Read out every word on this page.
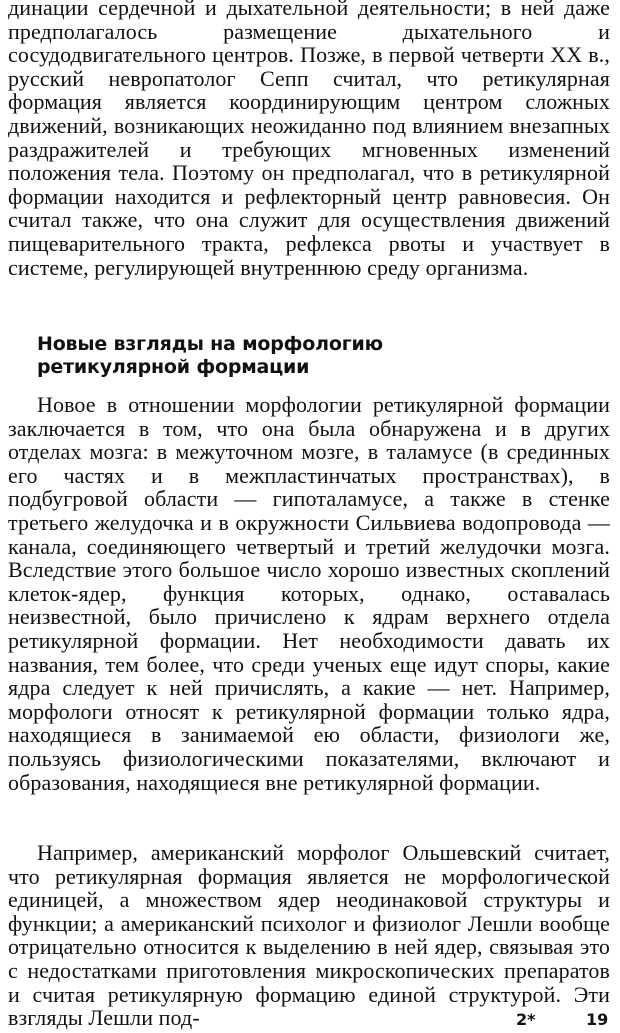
динации сердечной и дыхательной деятельности; в ней даже предполагалось размещение дыхательного и сосудодвигательного центров. Позже, в первой четверти XX в., русский невропатолог Сепп считал, что ретикулярная формация является координирующим центром сложных движений, возникающих неожиданно под влиянием внезапных раздражителей и требующих мгновенных изменений положения тела. Поэтому он предполагал, что в ретикулярной формации находится и рефлекторный центр равновесия. Он считал также, что она служит для осуществления движений пищеварительного тракта, рефлекса рвоты и участвует в системе, регулирующей внутреннюю среду организма.

Новые взгляды на морфологию
ретикулярной формации

Новое в отношении морфологии ретикулярной формации заключается в том, что она была обнаружена и в других отделах мозга: в межуточном мозге, в таламусе (в срединных его частях и в межпластинчатых пространствах), в подбугровой области — гипоталамусе, а также в стенке третьего желудочка и в окружности Сильвиева водопровода — канала, соединяющего четвертый и третий желудочки мозга. Вследствие этого большое число хорошо известных скоплений клеток-ядер, функция которых, однако, оставалась неизвестной, было причислено к ядрам верхнего отдела ретикулярной формации. Нет необходимости давать их названия, тем более, что среди ученых еще идут споры, какие ядра следует к ней причислять, а какие — нет. Например, морфологи относят к ретикулярной формации только ядра, находящиеся в занимаемой ею области, физиологи же, пользуясь физиологическими показателями, включают и образования, находящиеся вне ретикулярной формации.

Например, американский морфолог Ольшевский считает, что ретикулярная формация является не морфологической единицей, а множеством ядер неодинаковой структуры и функции; а американский психолог и физиолог Лешли вообще отрицательно относится к выделению в ней ядер, связывая это с недостатками приготовления микроскопических препаратов и считая ретикулярную формацию единой структурой. Эти взгляды Лешли под-	2*	19
